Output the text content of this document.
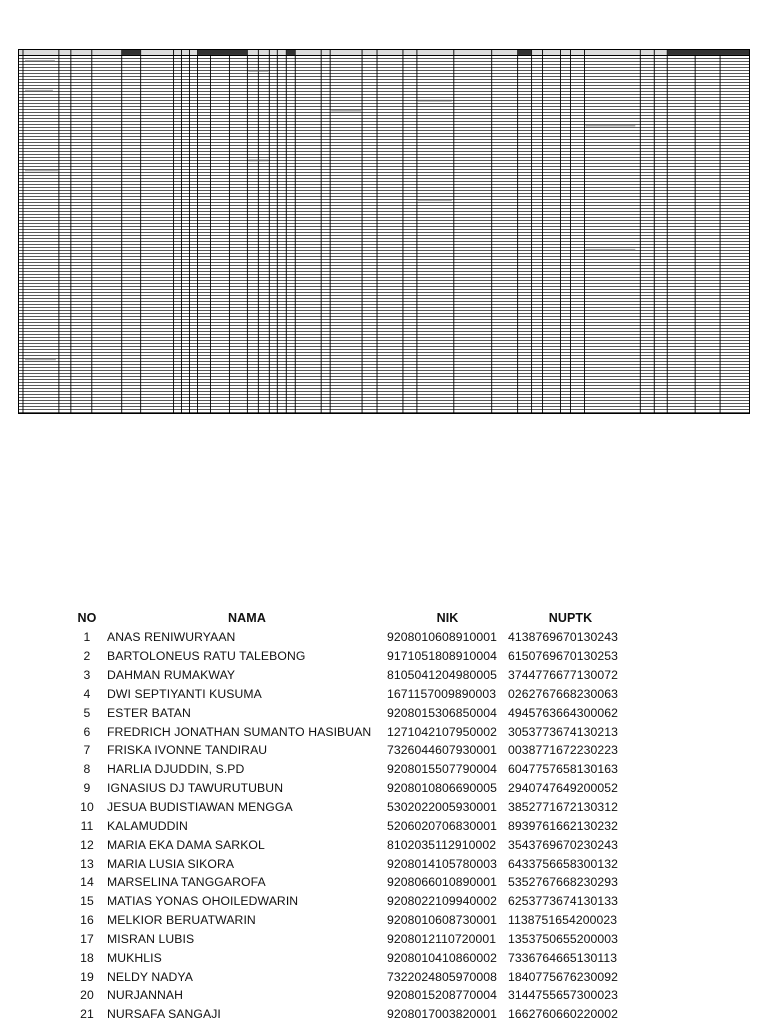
NO	NAMA	NIK	NUPTK
1	ANAS RENIWURYAAN	9208010608910001	4138769670130243
2	BARTOLONEUS RATU TALEBONG	9171051808910004	6150769670130253
3	DAHMAN RUMAKWAY	8105041204980005	3744776677130072
4	DWI SEPTIYANTI KUSUMA	1671157009890003	0262767668230063
5	ESTER BATAN	9208015306850004	4945763664300062
6	FREDRICH JONATHAN SUMANTO HASIBUAN	1271042107950002	3053773674130213
7	FRISKA IVONNE TANDIRAU	7326044607930001	0038771672230223
8	HARLIA DJUDDIN, S.PD	9208015507790004	6047757658130163
9	IGNASIUS DJ TAWURUTUBUN	9208010806690005	2940747649200052
10	JESUA BUDISTIAWAN MENGGA	5302022005930001	3852771672130312
11	KALAMUDDIN	5206020706830001	8939761662130232
12	MARIA EKA DAMA SARKOL	8102035112910002	3543769670230243
13	MARIA LUSIA SIKORA	9208014105780003	6433756658300132
14	MARSELINA TANGGAROFA	9208066010890001	5352767668230293
15	MATIAS YONAS OHOILEDWARIN	9208022109940002	6253773674130133
16	MELKIOR BERUATWARIN	9208010608730001	1138751654200023
17	MISRAN LUBIS	9208012110720001	1353750655200003
18	MUKHLIS	9208010410860002	7336764665130113
19	NELDY NADYA	7322024805970008	1840775676230092
20	NURJANNAH	9208015208770004	3144755657300023
21	NURSAFA SANGAJI	9208017003820001	1662760660220002
